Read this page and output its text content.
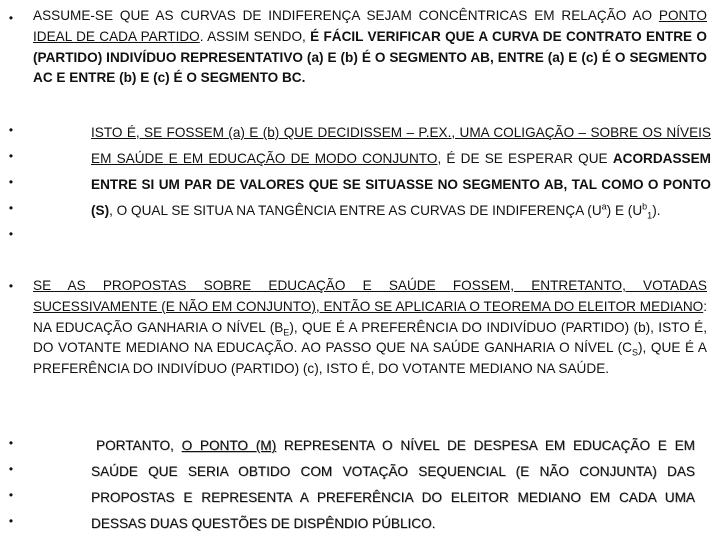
•
•
•
•
•
•
•
•
•
•
•
ASSUME-SE QUE AS CURVAS DE INDIFERENÇA SEJAM CONCÊNTRICAS EM RELAÇÃO AO PONTO IDEAL DE CADA PARTIDO. ASSIM SENDO, É FÁCIL VERIFICAR QUE A CURVA DE CONTRATO ENTRE O (PARTIDO) INDIVÍDUO REPRESENTATIVO (a) E (b) É O SEGMENTO AB, ENTRE (a) E (c) É O SEGMENTO AC E ENTRE (b) E (c) É O SEGMENTO BC.
ISTO É, SE FOSSEM (a) E (b) QUE DECIDISSEM – P.EX., UMA COLIGAÇÃO – SOBRE OS NÍVEIS EM SAÚDE E EM EDUCAÇÃO DE MODO CONJUNTO, É DE SE ESPERAR QUE ACORDASSEM ENTRE SI UM PAR DE VALORES QUE SE SITUASSE NO SEGMENTO AB, TAL COMO O PONTO (S), O QUAL SE SITUA NA TANGÊNCIA ENTRE AS CURVAS DE INDIFERENÇA $(U^a)$ E $(U^b_1)$.
SE AS PROPOSTAS SOBRE EDUCAÇÃO E SAÚDE FOSSEM, ENTRETANTO, VOTADAS SUCESSIVAMENTE (E NÃO EM CONJUNTO), ENTÃO SE APLICARIA O TEOREMA DO ELEITOR MEDIANO: NA EDUCAÇÃO GANHARIA O NÍVEL $(B_E)$, QUE É A PREFERÊNCIA DO INDIVÍDUO (PARTIDO) (b), ISTO É, DO VOTANTE MEDIANO NA EDUCAÇÃO. AO PASSO QUE NA SAÚDE GANHARIA O NÍVEL $(C_S)$, QUE É A PREFERÊNCIA DO INDIVÍDUO (PARTIDO) (c), ISTO É, DO VOTANTE MEDIANO NA SAÚDE.
PORTANTO, O PONTO (M) REPRESENTA O NÍVEL DE DESPESA EM EDUCAÇÃO E EM SAÚDE QUE SERIA OBTIDO COM VOTAÇÃO SEQUENCIAL (E NÃO CONJUNTA) DAS PROPOSTAS E REPRESENTA A PREFERÊNCIA DO ELEITOR MEDIANO EM CADA UMA DESSAS DUAS QUESTÕES DE DISPÊNDIO PÚBLICO.
